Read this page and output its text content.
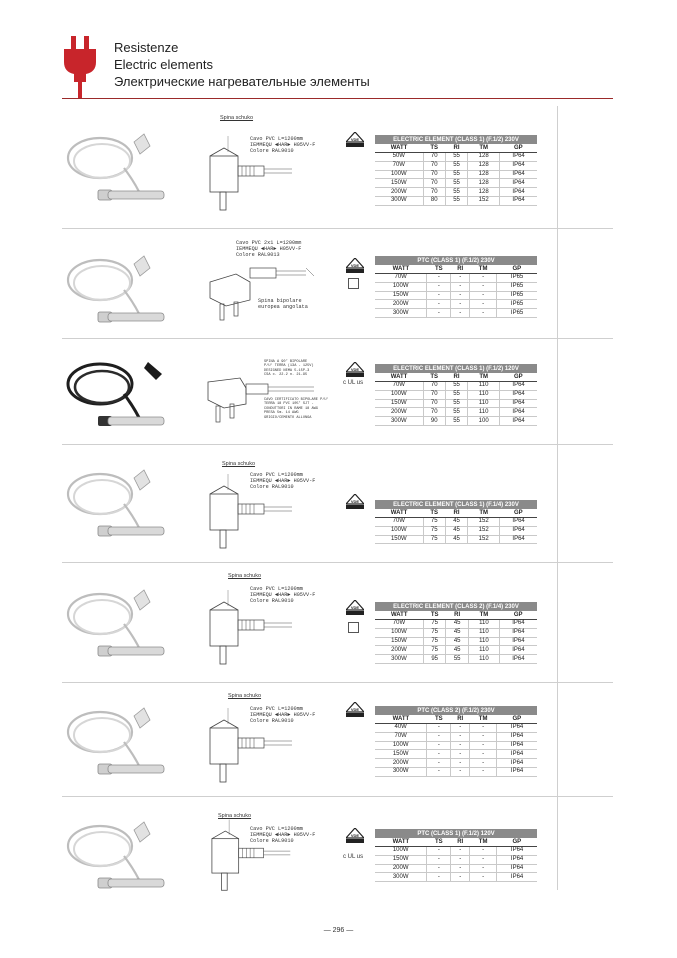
Resistenze
Electric elements
Электрические нагревательные элементы
Spina schuko
Cavo PVC L=1200mm
IEMMEQU ◄HAR► H05VV-F
Colore RAL9010
ELECTRIC ELEMENT (CLASS 1) (F.1/2) 230V				
WATT	TS	RI	TM	GP
50W	70	55	128	IP64
70W	70	55	128	IP64
100W	70	55	128	IP64
150W	70	55	128	IP64
200W	70	55	128	IP64
300W	80	55	152	IP64
Cavo PVC 2x1 L=1200mm
IEMMEQU ◄HAR► H05VV-F
Colore RAL9013
Spina bipolare
europea angolata
PTC (CLASS 1) (F.1/2) 230V				
WATT	TS	RI	TM	GP
70W	-	-	-	IP65
100W	-	-	-	IP65
150W	-	-	-	IP65
200W	-	-	-	IP65
300W	-	-	-	IP65
SPINA A 90° BIPOLARE
P/U' TERRA (13A - 125V)
DESIGNED NEMA 5-15P-3
CSA c. 22.2 n. 21-95
CAVO CERTIFICATO BIPOLARE P/U'
TERRA 18 PVC 105° SJT -
CONDUTTORI IN RAME 18 AWG
PRESA 5m. 14 AWG
GRIGIO/CEMENTO ALLUNGA
c UL us
ELECTRIC ELEMENT (CLASS 1) (F.1/2) 120V				
WATT	TS	RI	TM	GP
70W	70	55	110	IP64
100W	70	55	110	IP64
150W	70	55	110	IP64
200W	70	55	110	IP64
300W	90	55	100	IP64
Spina schuko
Cavo PVC L=1200mm
IEMMEQU ◄HAR► H05VV-F
Colore RAL9010
ELECTRIC ELEMENT (CLASS 1) (F.1/4) 230V				
WATT	TS	RI	TM	GP
70W	75	45	152	IP64
100W	75	45	152	IP64
150W	75	45	152	IP64
Spina schuko
Cavo PVC L=1200mm
IEMMEQU ◄HAR► H05VV-F
Colore RAL9010
ELECTRIC ELEMENT (CLASS 2) (F.1/4) 230V				
WATT	TS	RI	TM	GP
70W	75	45	110	IP64
100W	75	45	110	IP64
150W	75	45	110	IP64
200W	75	45	110	IP64
300W	95	55	110	IP64
Spina schuko
Cavo PVC L=1200mm
IEMMEQU ◄HAR► H05VV-F
Colore RAL9010
PTC (CLASS 2) (F.1/2) 230V				
WATT	TS	RI	TM	GP
40W	-	-	-	IP64
70W	-	-	-	IP64
100W	-	-	-	IP64
150W	-	-	-	IP64
200W	-	-	-	IP64
300W	-	-	-	IP64
Spina schuko
Cavo PVC L=1200mm
IEMMEQU ◄HAR► H05VV-F
Colore RAL9010
c UL us
PTC (CLASS 1) (F.1/2) 120V				
WATT	TS	RI	TM	GP
100W	-	-	-	IP64
150W	-	-	-	IP64
200W	-	-	-	IP64
300W	-	-	-	IP64
— 296 —
